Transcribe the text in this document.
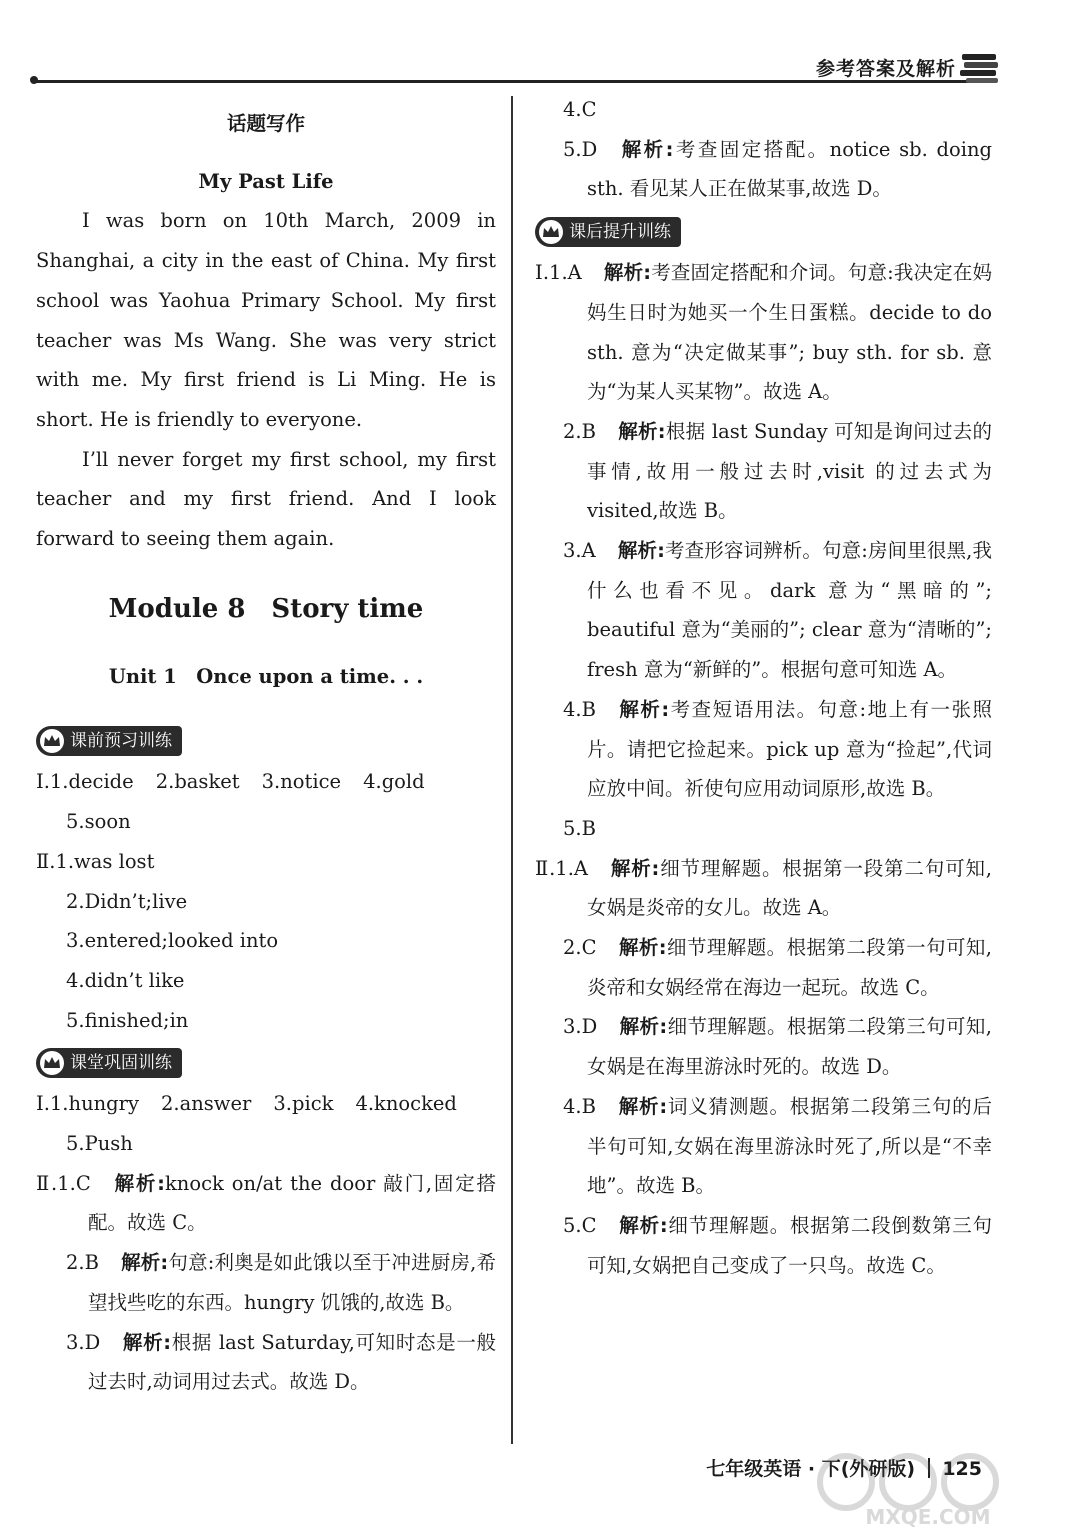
参考答案及解析

话题写作

My Past Life

I was born on 10th March, 2009 in Shanghai, a city in the east of China. My first school was Yaohua Primary School. My first teacher was Ms Wang. She was very strict with me. My first friend is Li Ming. He is short. He is friendly to everyone.

I’ll never forget my first school, my first teacher and my first friend. And I look forward to seeing them again.

Module 8　Story time
Unit 1　Once upon a time. . .
课前预习训练

Ⅰ.1.decide 2.basket 3.notice 4.gold

5.soon

Ⅱ.1.was lost

2.Didn’t;live

3.entered;looked into

4.didn’t like

5.finished;in

课堂巩固训练

Ⅰ.1.hungry 2.answer 3.pick 4.knocked

5.Push

Ⅱ.1.C 解析:knock on/at the door 敲门,固定搭配。故选 C。

2.B 解析:句意:利奥是如此饿以至于冲进厨房,希望找些吃的东西。hungry 饥饿的,故选 B。

3.D 解析:根据 last Saturday,可知时态是一般过去时,动词用过去式。故选 D。

4.C

5.D 解析:考查固定搭配。notice sb. doing sth. 看见某人正在做某事,故选 D。

课后提升训练

Ⅰ.1.A 解析:考查固定搭配和介词。句意:我决定在妈妈生日时为她买一个生日蛋糕。decide to do sth. 意为“决定做某事”; buy sth. for sb. 意为“为某人买某物”。故选 A。

2.B 解析:根据 last Sunday 可知是询问过去的事情,故用一般过去时,visit 的过去式为 visited,故选 B。

3.A 解析:考查形容词辨析。句意:房间里很黑,我什么也看不见。dark 意为“黑暗的”; beautiful 意为“美丽的”; clear 意为“清晰的”; fresh 意为“新鲜的”。根据句意可知选 A。

4.B 解析:考查短语用法。句意:地上有一张照片。请把它捡起来。pick up 意为“捡起”,代词应放中间。祈使句应用动词原形,故选 B。

5.B

Ⅱ.1.A 解析:细节理解题。根据第一段第二句可知,女娲是炎帝的女儿。故选 A。

2.C 解析:细节理解题。根据第二段第一句可知,炎帝和女娲经常在海边一起玩。故选 C。

3.D 解析:细节理解题。根据第二段第三句可知,女娲是在海里游泳时死的。故选 D。

4.B 解析:词义猜测题。根据第二段第三句的后半句可知,女娲在海里游泳时死了,所以是“不幸地”。故选 B。

5.C 解析:细节理解题。根据第二段倒数第三句可知,女娲把自己变成了一只鸟。故选 C。

七年级英语 · 下(外研版) 125
MXQE.COM
